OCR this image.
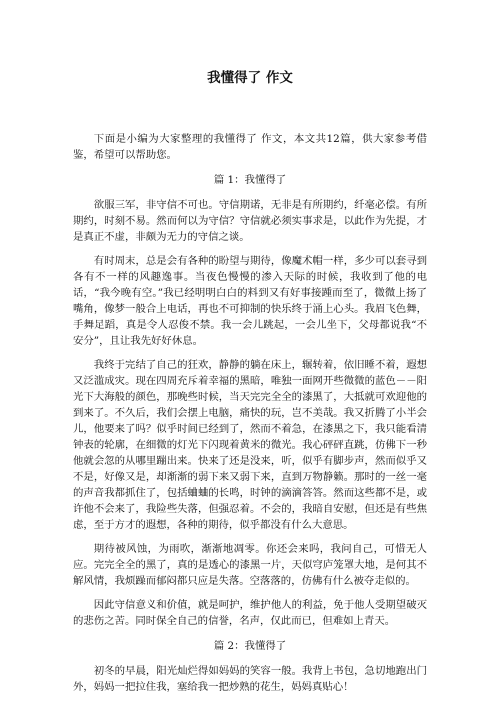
我懂得了 作文

下面是小编为大家整理的我懂得了 作文，本文共12篇，供大家参考借鉴，希望可以帮助您。

篇 1：我懂得了

欲服三军，非守信不可也。守信期诺，无非是有所期约，纤毫必偿。有所期约，时刻不易。然而何以为守信？守信就必须实事求是，以此作为先提，才是真正不虚，非颇为无力的守信之谈。

有时周末，总是会有各种的盼望与期待，像魔术帽一样，多少可以套寻到各有不一样的风趣逸事。当夜色慢慢的渗入天际的时候，我收到了他的电话，“我今晚有空。”我已经明明白白的料到又有好事接踵而至了，微微上扬了嘴角，像梦一般合上电话，再也不可抑制的快乐终于涌上心头。我眉飞色舞，手舞足蹈，真是令人忍俊不禁。我一会儿跳起，一会儿坐下，父母都说我“不安分”，且让我先好好休息。

我终于完结了自己的狂欢，静静的躺在床上，辗转着，依旧睡不着，遐想又泛滥成灾。现在四周充斥着幸福的黑暗，唯独一面网开些微微的蓝色－－阳光下大海般的颜色，那晚些时候，当天完完全全的漆黑了，大抵就可欢迎他的到来了。不久后，我们会摆上电脑，痛快的玩，岂不美哉。我又折腾了小半会儿，他要来了吗？似乎时间已经到了，然而不着急，在漆黑之下，我只能看清钟表的轮廓，在细微的灯光下闪现着黄米的微光。我心砰砰直跳，仿佛下一秒他就会忽的从哪里蹦出来。快来了还是没来，听，似乎有脚步声，然而似乎又不是，好像又是，却渐渐的弱下来又弱下来，直到万物静籁。那时的一丝一毫的声音我都抓住了，包括蛐蛐的长鸣，时钟的滴滴答答。然而这些都不是，或许他不会来了，我险些失落，但强忍着。不会的，我暗自安慰，但还是有些焦虑，至于方才的遐想，各种的期待，似乎都没有什么大意思。

期待被风蚀，为雨吹，渐渐地凋零。你还会来吗，我问自己，可惜无人应。完完全全的黑了，真的是透心的漆黑一片，天似穹庐笼罩大地，是何其不解风情，我烦躁而郁闷都只应是失落。空落落的，仿佛有什么被夺走似的。

因此守信意义和价值，就是呵护，维护他人的利益，免于他人受期望破灭的悲伤之苦。同时保全自己的信誉，名声，仅此而已，但难如上青天。

篇 2：我懂得了

初冬的早晨，阳光灿烂得如妈妈的笑容一般。我背上书包，急切地跑出门外，妈妈一把拉住我，塞给我一把炒熟的花生，妈妈真贴心！
